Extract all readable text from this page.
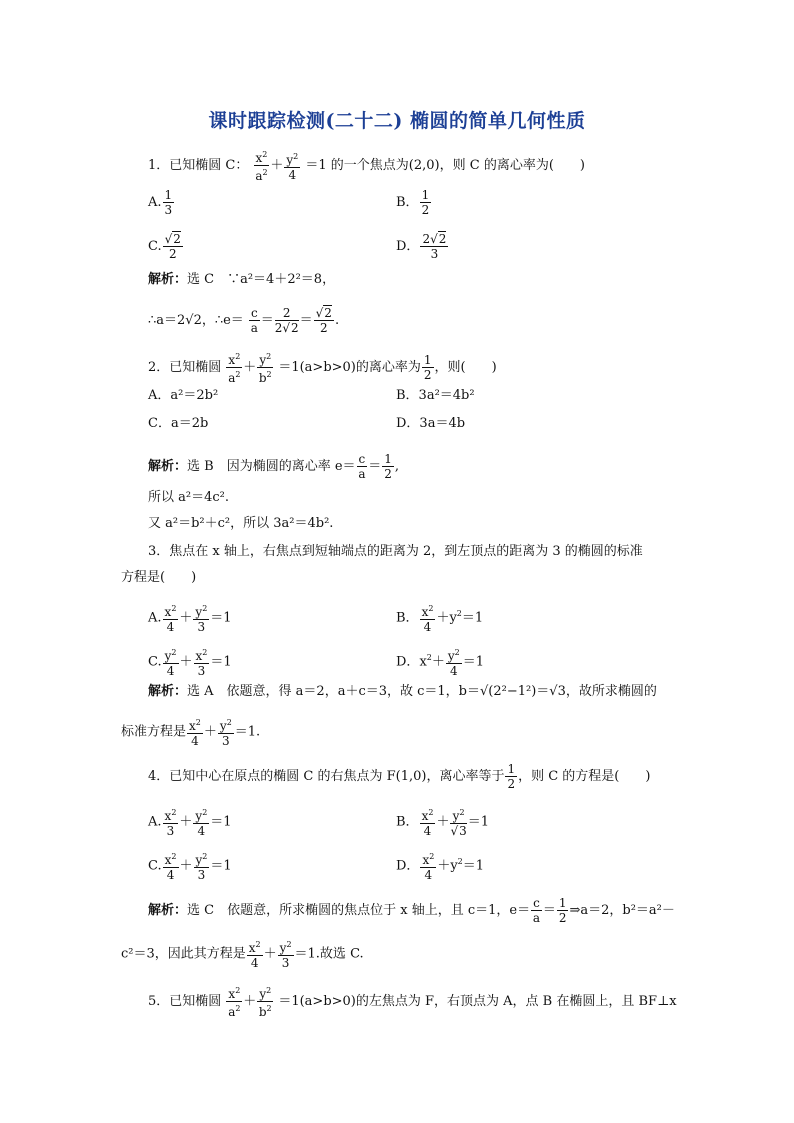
课时跟踪检测(二十二) 椭圆的简单几何性质
1．已知椭圆 C： $\frac{x^2}{a^2} + \frac{y^2}{4} =1$ 的一个焦点为(2,0)，则 C 的离心率为(　　)
A. $\frac{1}{3}$	B． $\frac{1}{2}$
C. $\frac{√2}{2}$	D． $\frac{2√2}{3}$
解析：选 C　∵a²＝4＋2²＝8，
∴a＝2√2，∴e＝ $\frac{c}{a} = \frac{2}{2√2} = \frac{√2}{2}$ .
2．已知椭圆 $\frac{x^2}{a^2} + \frac{y^2}{b^2} =1(a>b>0)$的离心率为 $\frac{1}{2}$ ，则(　　)
A．a²＝2b²	B．3a²＝4b²
C．a＝2b	D．3a＝4b
解析：选 B　因为椭圆的离心率 $e= \frac{c}{a} = \frac{1}{2}$ ,
所以 a²＝4c².
又 a²＝b²＋c²，所以 3a²＝4b².
3．焦点在 x 轴上，右焦点到短轴端点的距离为 2，到左顶点的距离为 3 的椭圆的标准
方程是(　　)
A. $\frac{x^2}{4} + \frac{y^2}{3} =1$	B． $\frac{x^2}{4} +y^2=1$
C. $\frac{y^2}{4} + \frac{x^2}{3} =1$	D．$x^2+ \frac{y^2}{4} =1$
解析：选 A　依题意，得 a＝2，a＋c＝3，故 c＝1，b＝√(2²−1²)＝√3，故所求椭圆的
标准方程是 $\frac{x^2}{4} + \frac{y^2}{3} =1$.
4．已知中心在原点的椭圆 C 的右焦点为 F(1,0)，离心率等于 $\frac{1}{2}$ ，则 C 的方程是(　　)
A. $\frac{x^2}{3} + \frac{y^2}{4} =1$	B． $\frac{x^2}{4} + \frac{y^2}{√3} =1$
C. $\frac{x^2}{4} + \frac{y^2}{3} =1$	D． $\frac{x^2}{4} +y^2=1$
解析：选 C　依题意，所求椭圆的焦点位于 x 轴上，且 c＝1，$e= \frac{c}{a} = \frac{1}{2}$ ⇒a＝2，b²＝a²－
c²＝3，因此其方程是 $\frac{x^2}{4} + \frac{y^2}{3} =1$.故选 C.
5．已知椭圆 $\frac{x^2}{a^2} + \frac{y^2}{b^2} =1(a>b>0)$的左焦点为 F，右顶点为 A，点 B 在椭圆上，且 BF⊥x
